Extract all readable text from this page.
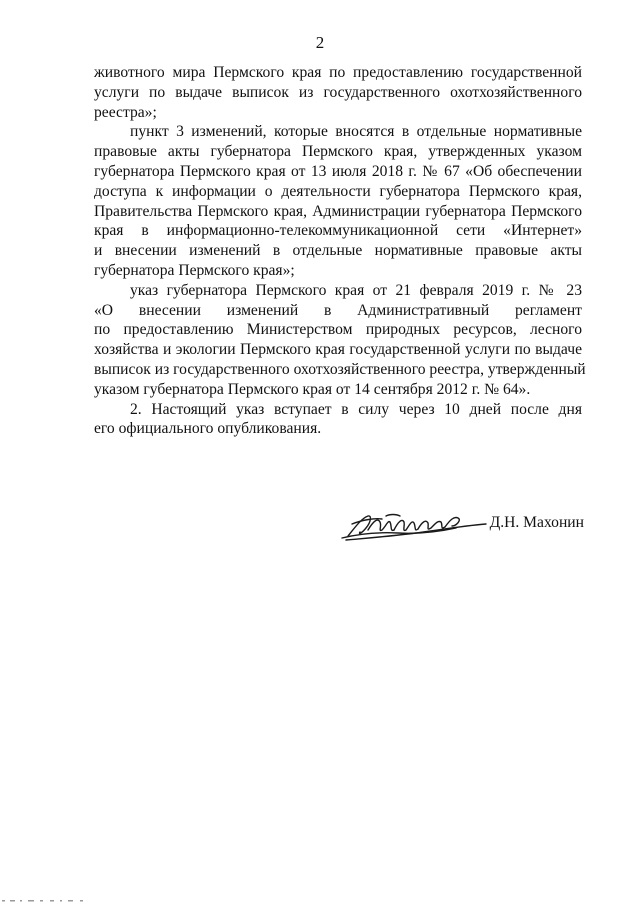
2

животного мира Пермского края по предоставлению государственной
услуги по выдаче выписок из государственного охотхозяйственного
реестра»;

пункт 3 изменений, которые вносятся в отдельные нормативные
правовые акты губернатора Пермского края, утвержденных указом
губернатора Пермского края от 13 июля 2018 г. № 67 «Об обеспечении
доступа к информации о деятельности губернатора Пермского края,
Правительства Пермского края, Администрации губернатора Пермского
края в информационно-телекоммуникационной сети «Интернет»
и внесении изменений в отдельные нормативные правовые акты
губернатора Пермского края»;

указ губернатора Пермского края от 21 февраля 2019 г. № 23
«О внесении изменений в Административный регламент
по предоставлению Министерством природных ресурсов, лесного
хозяйства и экологии Пермского края государственной услуги по выдаче
выписок из государственного охотхозяйственного реестра, утвержденный
указом губернатора Пермского края от 14 сентября 2012 г. № 64».

2. Настоящий указ вступает в силу через 10 дней после дня
его официального опубликования.

Д.Н. Махонин
